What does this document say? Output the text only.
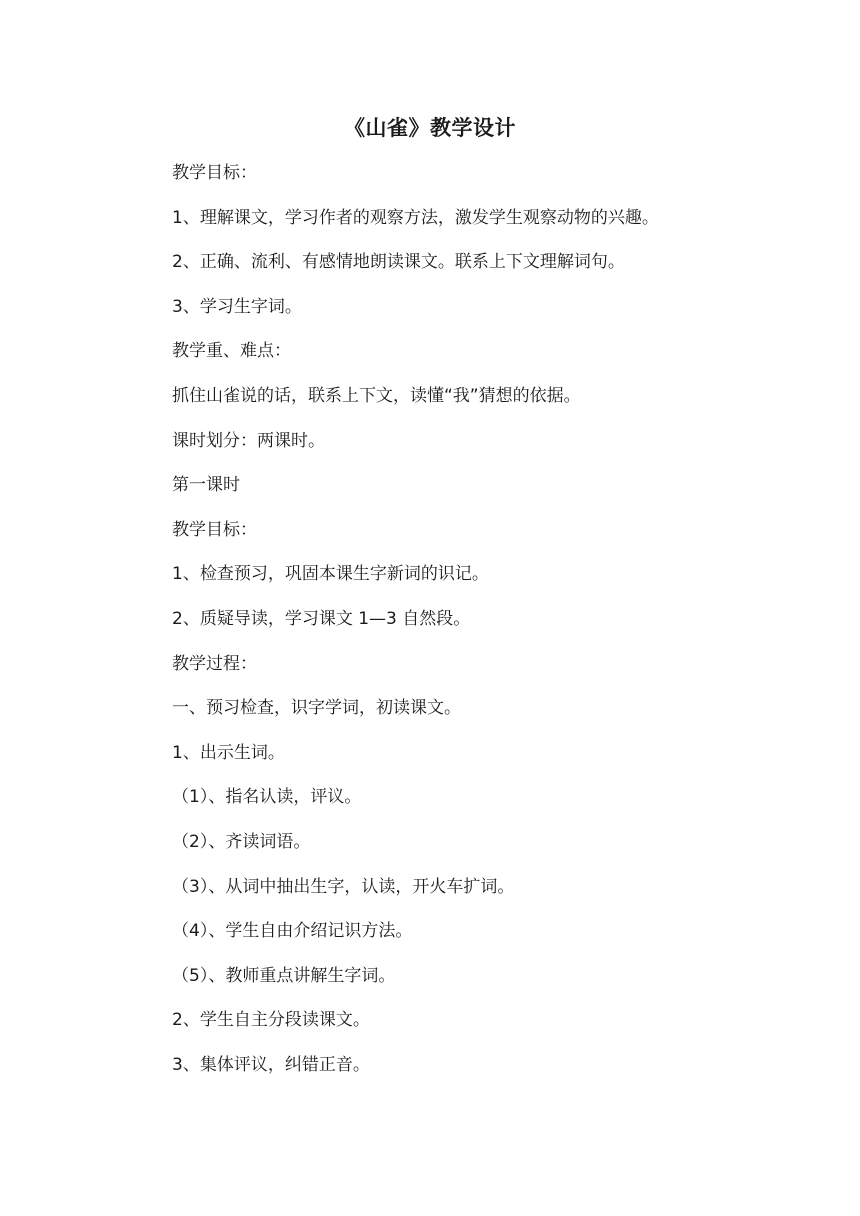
《山雀》教学设计
教学目标：
1、理解课文，学习作者的观察方法，激发学生观察动物的兴趣。
2、正确、流利、有感情地朗读课文。联系上下文理解词句。
3、学习生字词。
教学重、难点：
抓住山雀说的话，联系上下文，读懂“我”猜想的依据。
课时划分：两课时。
第一课时
教学目标：
1、检查预习，巩固本课生字新词的识记。
2、质疑导读，学习课文 1—3 自然段。
教学过程：
一、预习检查，识字学词，初读课文。
1、出示生词。
（1）、指名认读，评议。
（2）、齐读词语。
（3）、从词中抽出生字，认读，开火车扩词。
（4）、学生自由介绍记识方法。
（5）、教师重点讲解生字词。
2、学生自主分段读课文。
3、集体评议，纠错正音。
